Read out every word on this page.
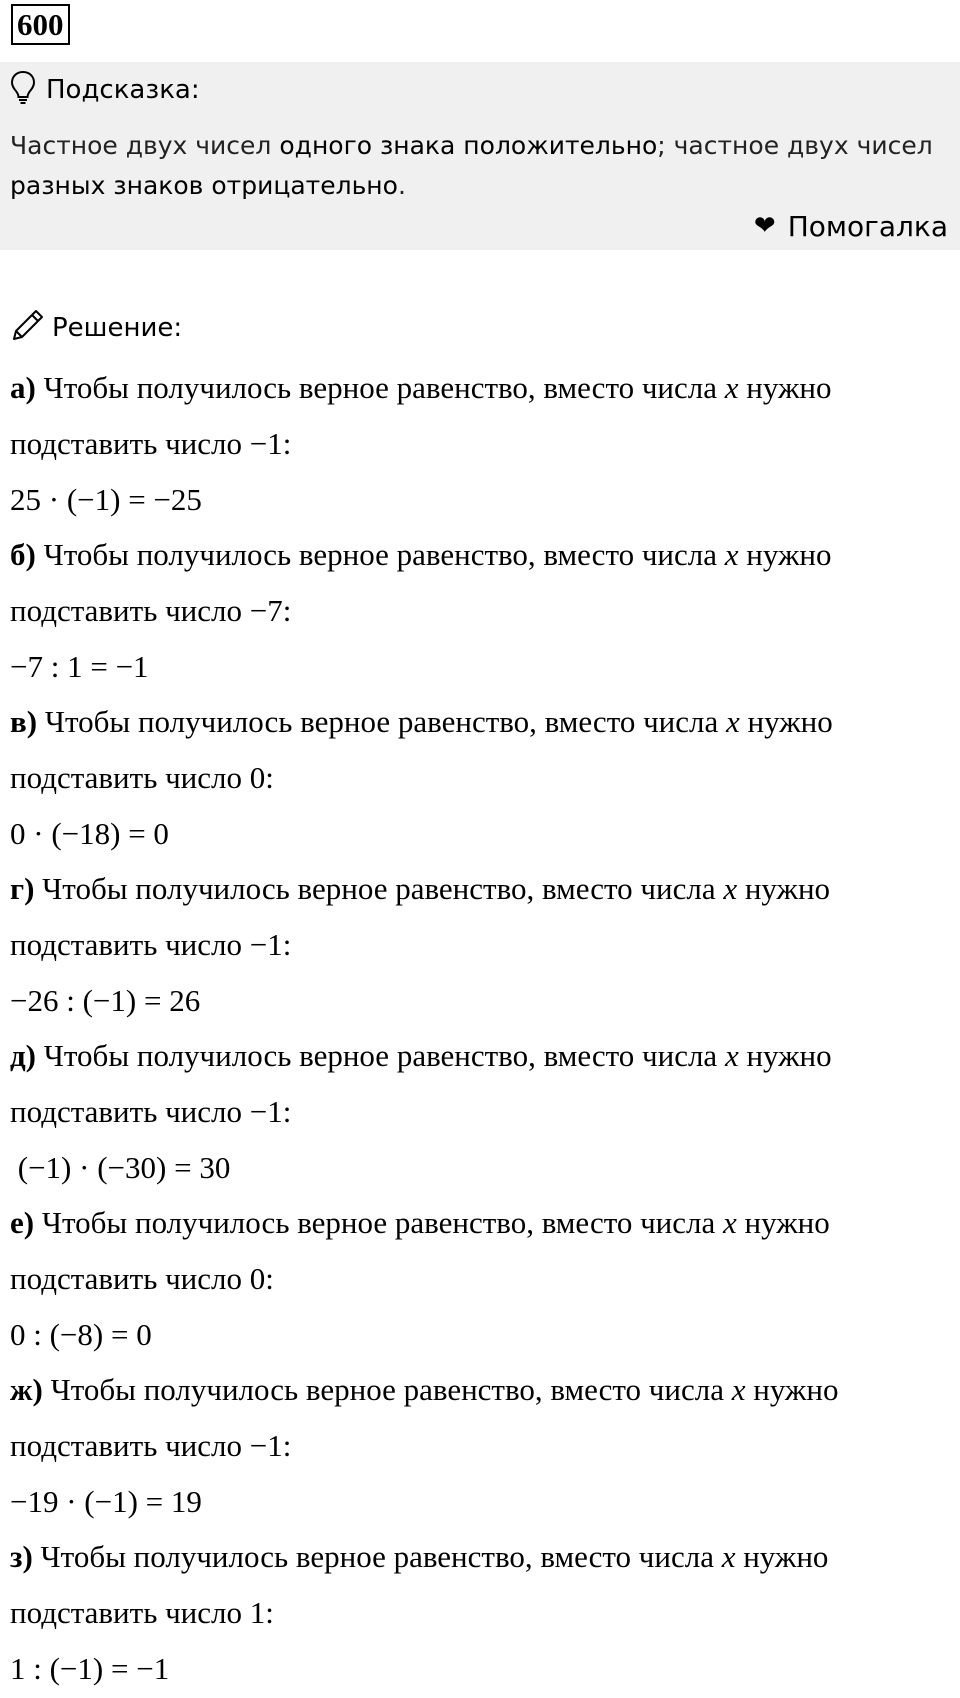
600
Подсказка:
Частное двух чисел одного знака положительно; частное двух чисел разных знаков отрицательно.
❤ Помогалка
Решение:
а) Чтобы получилось верное равенство, вместо числа x нужно
подставить число −1:
25 · (−1) = −25
б) Чтобы получилось верное равенство, вместо числа x нужно
подставить число −7:
−7 : 1 = −1
в) Чтобы получилось верное равенство, вместо числа x нужно
подставить число 0:
0 · (−18) = 0
г) Чтобы получилось верное равенство, вместо числа x нужно
подставить число −1:
−26 : (−1) = 26
д) Чтобы получилось верное равенство, вместо числа x нужно
подставить число −1:
(−1) · (−30) = 30
е) Чтобы получилось верное равенство, вместо числа x нужно
подставить число 0:
0 : (−8) = 0
ж) Чтобы получилось верное равенство, вместо числа x нужно
подставить число −1:
−19 · (−1) = 19
з) Чтобы получилось верное равенство, вместо числа x нужно
подставить число 1:
1 : (−1) = −1
